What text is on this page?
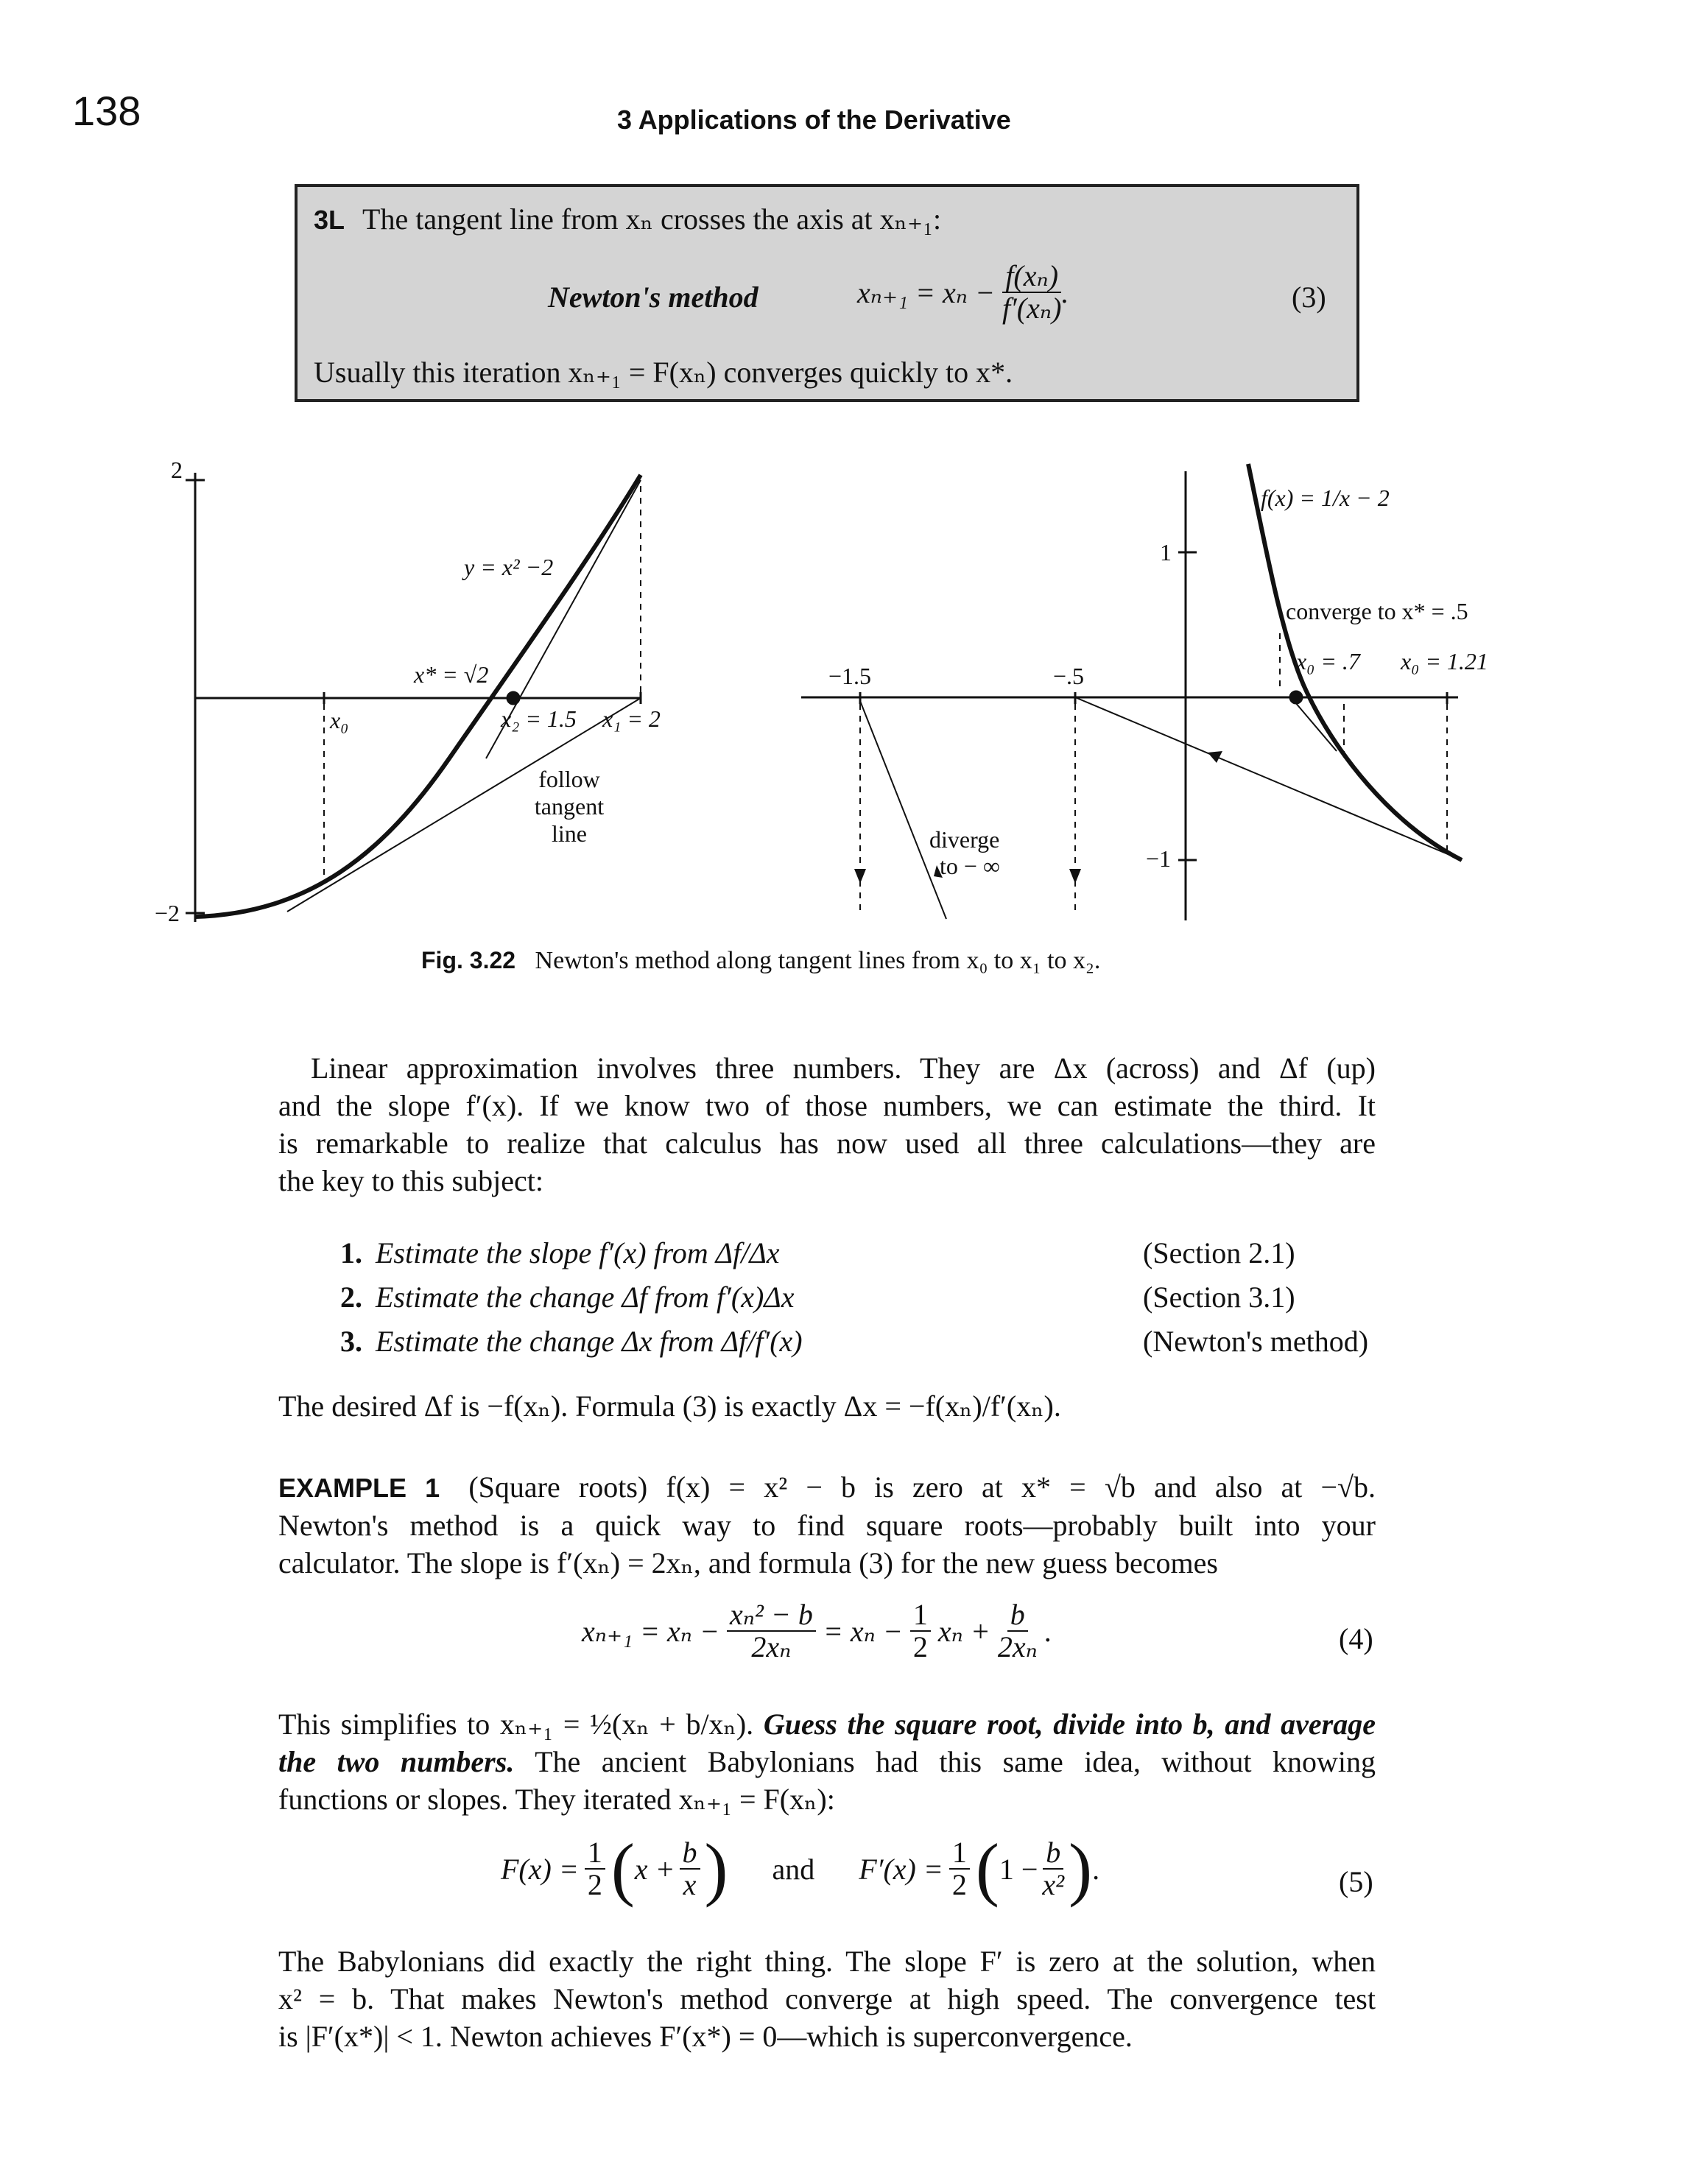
138	3 Applications of the Derivative
3L The tangent line from xₙ crosses the axis at xₙ₊₁:
Newton's method	$x_{n+1} = x_n - \frac{\text{f(xₙ)}}{\text{f′(xₙ)}}$ .	(3)
Usually this iteration xₙ₊₁ = F(xₙ) converges quickly to x*.
2
−2
y = x² −2
x* = √2
x₀	x₂ = 1.5 x₁ = 2
follow
tangent
line
f(x) = 1/x − 2
1
−1
−1.5	−.5
converge to x* = .5
x₀ = .7 x₀ = 1.21
diverge
to − ∞
Fig. 3.22 Newton's method along tangent lines from x₀ to x₁ to x₂.
Linear approximation involves three numbers. They are Δx (across) and Δf (up)
and the slope f′(x). If we know two of those numbers, we can estimate the third. It
is remarkable to realize that calculus has now used all three calculations—they are
the key to this subject:
1. Estimate the slope f′(x) from Δf/Δx	(Section 2.1)
2. Estimate the change Δf from f′(x)Δx	(Section 3.1)
3. Estimate the change Δx from Δf/f′(x)	(Newton's method)
The desired Δf is −f(xₙ). Formula (3) is exactly Δx = −f(xₙ)/f′(xₙ).
EXAMPLE 1 (Square roots) f(x) = x² − b is zero at x* = √b and also at −√b.
Newton's method is a quick way to find square roots—probably built into your
calculator. The slope is f′(xₙ) = 2xₙ, and formula (3) for the new guess becomes
$x_{n+1} = x_n - \frac{\text{xₙ² − b}}{\text{2xₙ}} = x_n - \frac{1}{2}$ $x_n + \frac{b}{\text{2xₙ}}$ .	(4)
This simplifies to xₙ₊₁ = ½(xₙ + b/xₙ). Guess the square root, divide into b, and average
the two numbers. The ancient Babylonians had this same idea, without knowing
functions or slopes. They iterated xₙ₊₁ = F(xₙ):
$F(x) = \frac{1}{2}$ ( $x + \frac{b}{x}$ ) and $F'(x) = \frac{1}{2}$ ( $1 - \frac{b}{\text{x²}}$ ) .	(5)
The Babylonians did exactly the right thing. The slope F′ is zero at the solution, when
x² = b. That makes Newton's method converge at high speed. The convergence test
is |F′(x*)| < 1. Newton achieves F′(x*) = 0—which is superconvergence.
